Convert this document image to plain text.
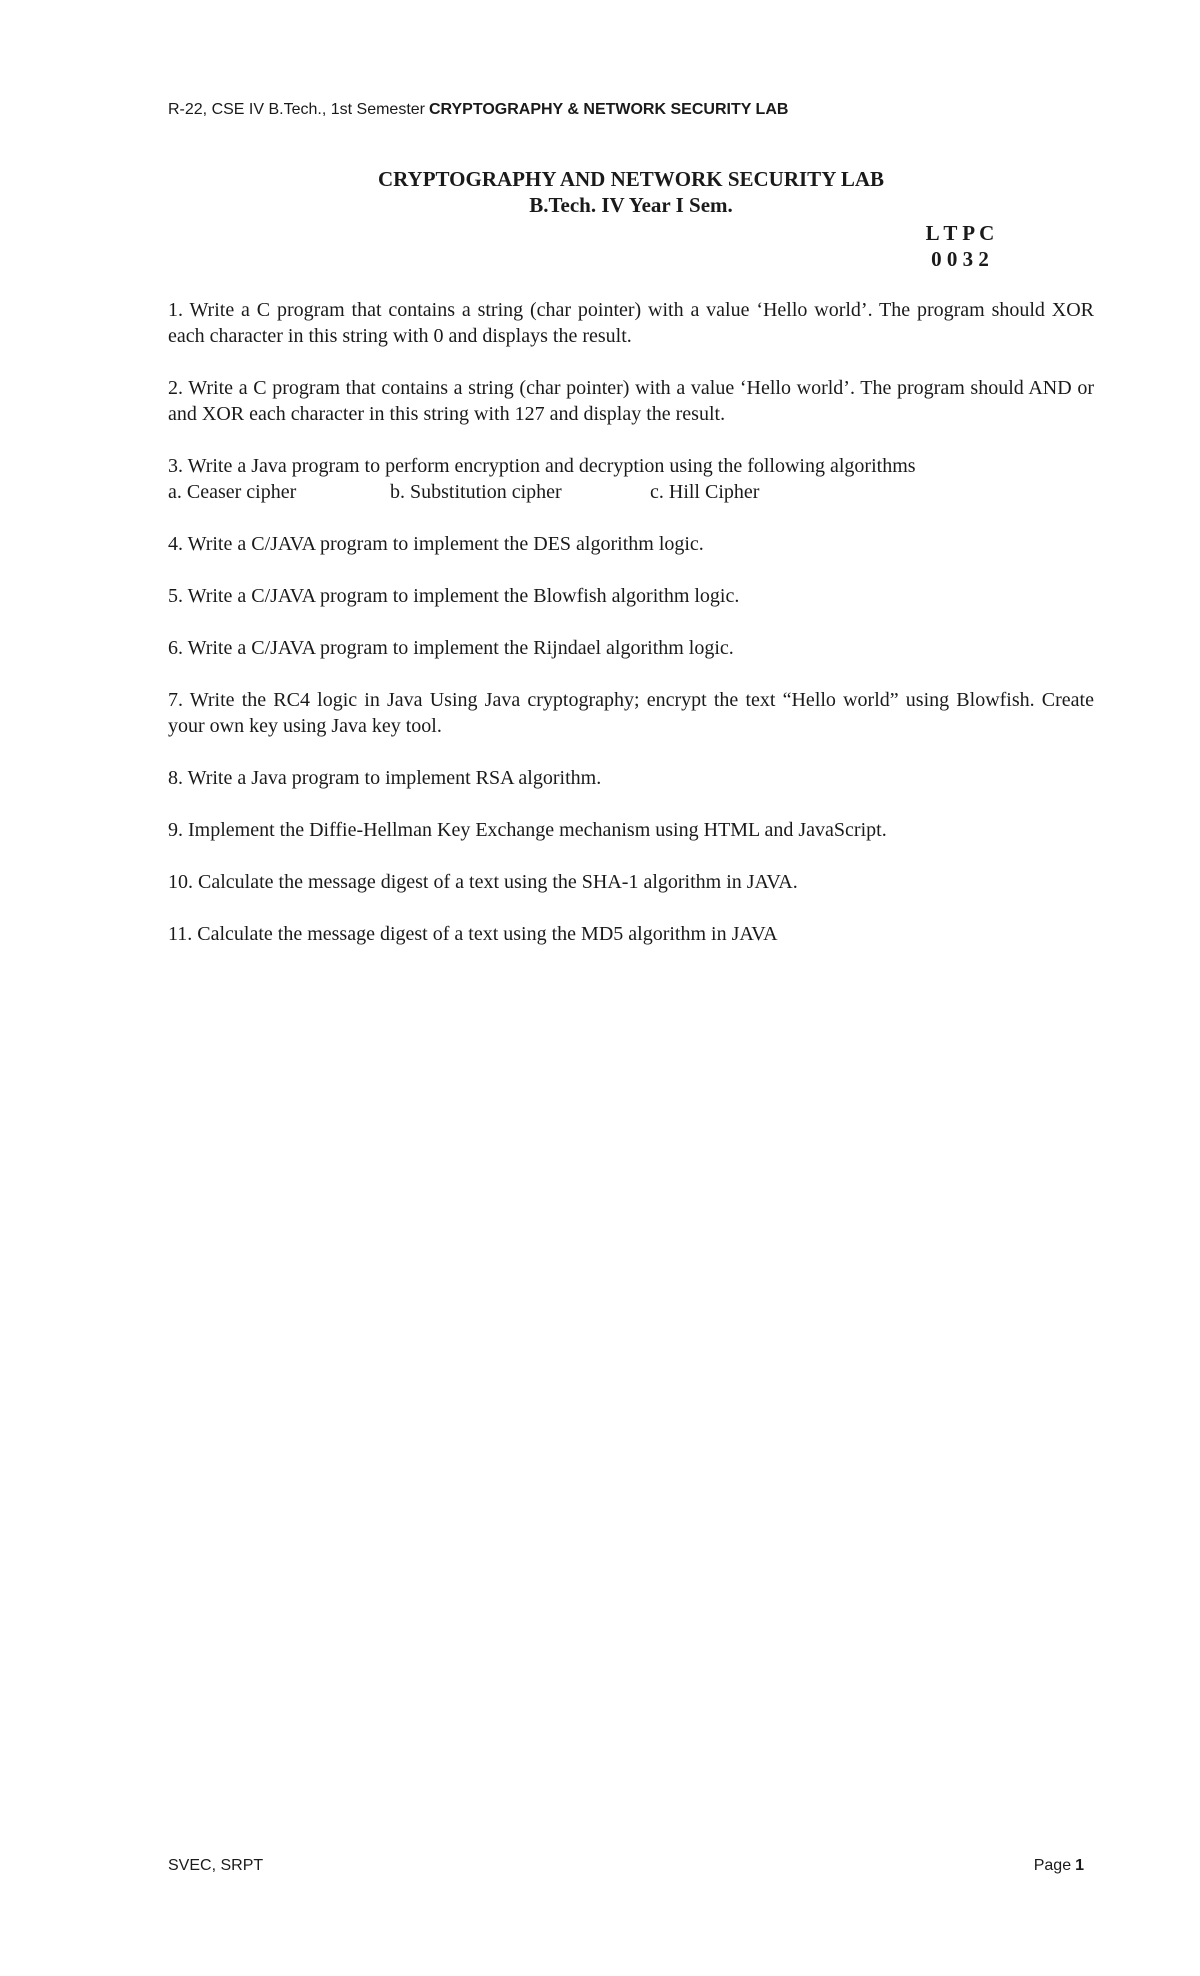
R-22, CSE IV B.Tech., 1st Semester CRYPTOGRAPHY & NETWORK SECURITY LAB
CRYPTOGRAPHY AND NETWORK SECURITY LAB
B.Tech. IV Year I Sem.
L T P C
0 0 3 2
1. Write a C program that contains a string (char pointer) with a value ‘Hello world’. The program should XOR each character in this string with 0 and displays the result.
2. Write a C program that contains a string (char pointer) with a value ‘Hello world’. The program should AND or and XOR each character in this string with 127 and display the result.
3. Write a Java program to perform encryption and decryption using the following algorithms
a. Ceaser cipher	b. Substitution cipher	c. Hill Cipher
4. Write a C/JAVA program to implement the DES algorithm logic.
5. Write a C/JAVA program to implement the Blowfish algorithm logic.
6. Write a C/JAVA program to implement the Rijndael algorithm logic.
7. Write the RC4 logic in Java Using Java cryptography; encrypt the text “Hello world” using Blowfish. Create your own key using Java key tool.
8. Write a Java program to implement RSA algorithm.
9. Implement the Diffie-Hellman Key Exchange mechanism using HTML and JavaScript.
10. Calculate the message digest of a text using the SHA-1 algorithm in JAVA.
11. Calculate the message digest of a text using the MD5 algorithm in JAVA
SVEC, SRPT	Page 1
